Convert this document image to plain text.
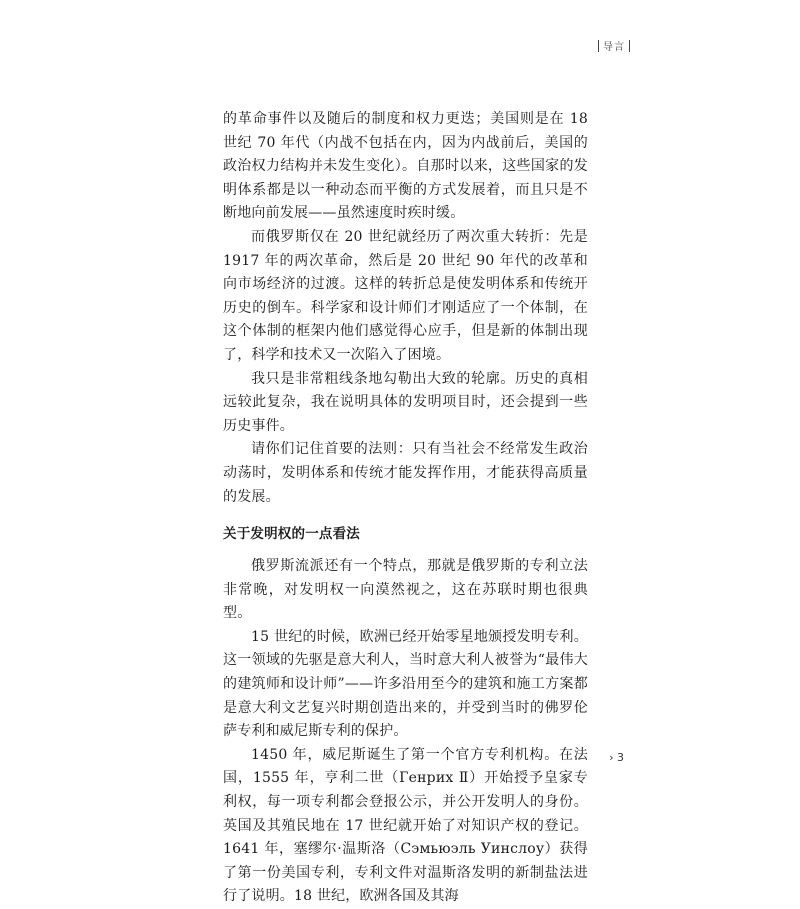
导言

的革命事件以及随后的制度和权力更迭；美国则是在 18 世纪 70 年代（内战不包括在内，因为内战前后，美国的政治权力结构并未发生变化）。自那时以来，这些国家的发明体系都是以一种动态而平衡的方式发展着，而且只是不断地向前发展——虽然速度时疾时缓。

而俄罗斯仅在 20 世纪就经历了两次重大转折：先是 1917 年的两次革命，然后是 20 世纪 90 年代的改革和向市场经济的过渡。这样的转折总是使发明体系和传统开历史的倒车。科学家和设计师们才刚适应了一个体制，在这个体制的框架内他们感觉得心应手，但是新的体制出现了，科学和技术又一次陷入了困境。

我只是非常粗线条地勾勒出大致的轮廓。历史的真相远较此复杂，我在说明具体的发明项目时，还会提到一些历史事件。

请你们记住首要的法则：只有当社会不经常发生政治动荡时，发明体系和传统才能发挥作用，才能获得高质量的发展。

关于发明权的一点看法

俄罗斯流派还有一个特点，那就是俄罗斯的专利立法非常晚，对发明权一向漠然视之，这在苏联时期也很典型。

15 世纪的时候，欧洲已经开始零星地颁授发明专利。这一领域的先驱是意大利人，当时意大利人被誉为“最伟大的建筑师和设计师”——许多沿用至今的建筑和施工方案都是意大利文艺复兴时期创造出来的，并受到当时的佛罗伦萨专利和威尼斯专利的保护。

1450 年，威尼斯诞生了第一个官方专利机构。在法国，1555 年，亨利二世（Генрих Ⅱ）开始授予皇家专利权，每一项专利都会登报公示，并公开发明人的身份。英国及其殖民地在 17 世纪就开始了对知识产权的登记。1641 年，塞缪尔·温斯洛（Сэмьюэль Уинслоу）获得了第一份美国专利，专利文件对温斯洛发明的新制盐法进行了说明。18 世纪，欧洲各国及其海

› 3
